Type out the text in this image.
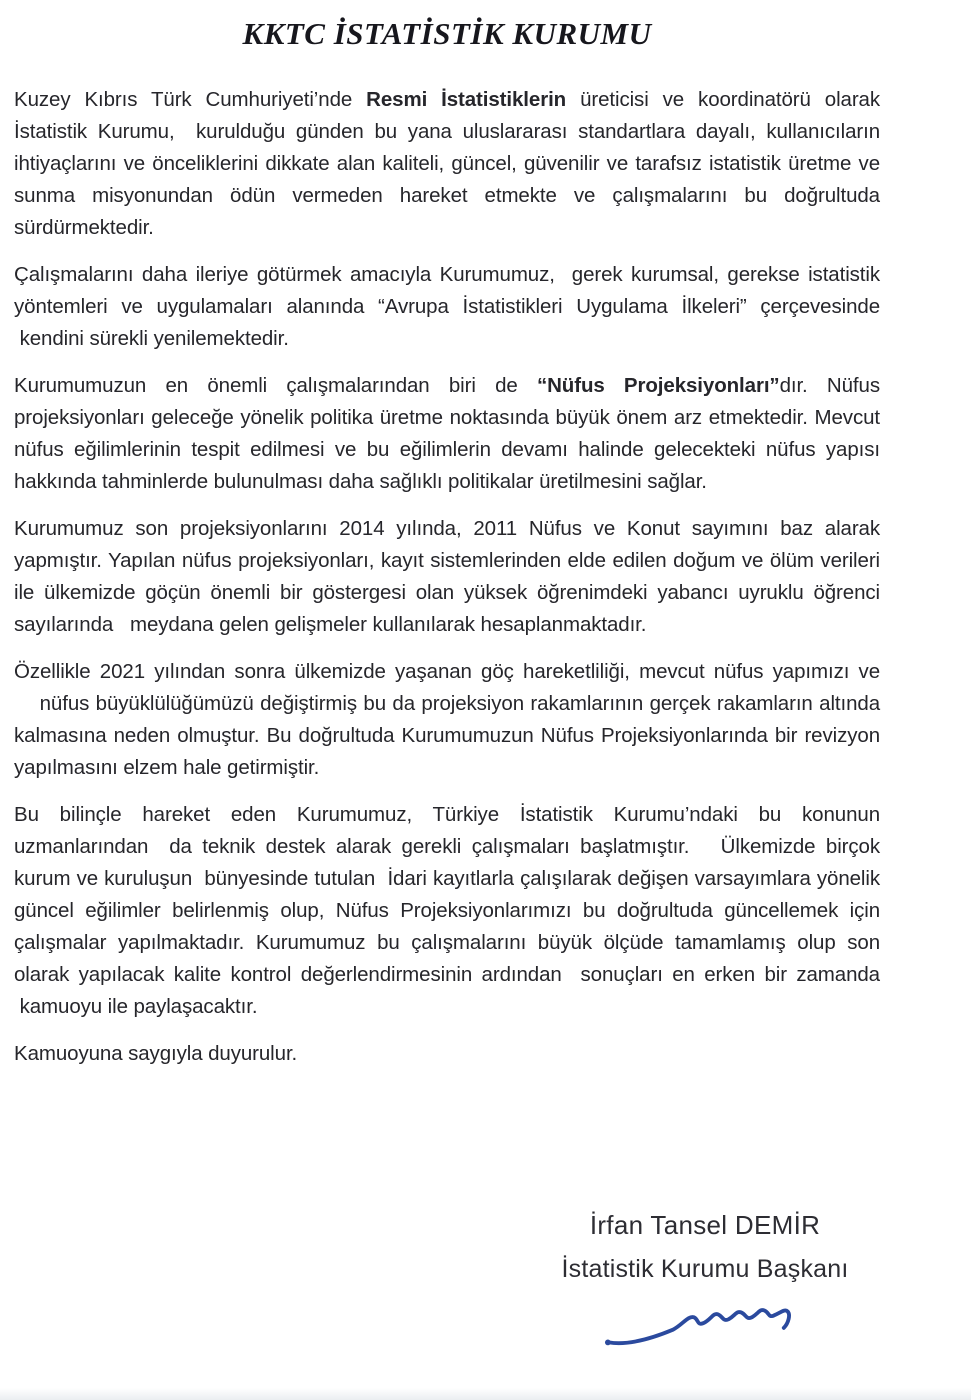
KKTC İSTATİSTİK KURUMU

Kuzey Kıbrıs Türk Cumhuriyeti’nde Resmi İstatistiklerin üreticisi ve koordinatörü olarak İstatistik Kurumu,  kurulduğu günden bu yana uluslararası standartlara dayalı, kullanıcıların ihtiyaçlarını ve önceliklerini dikkate alan kaliteli, güncel, güvenilir ve tarafsız istatistik üretme ve sunma misyonundan ödün vermeden hareket etmekte ve çalışmalarını bu doğrultuda sürdürmektedir.

Çalışmalarını daha ileriye götürmek amacıyla Kurumumuz,  gerek kurumsal, gerekse istatistik yöntemleri ve uygulamaları alanında “Avrupa İstatistikleri Uygulama İlkeleri” çerçevesinde  kendini sürekli yenilemektedir.

Kurumumuzun en önemli çalışmalarından biri de “Nüfus Projeksiyonları”dır. Nüfus projeksiyonları geleceğe yönelik politika üretme noktasında büyük önem arz etmektedir. Mevcut nüfus eğilimlerinin tespit edilmesi ve bu eğilimlerin devamı halinde gelecekteki nüfus yapısı hakkında tahminlerde bulunulması daha sağlıklı politikalar üretilmesini sağlar.

Kurumumuz son projeksiyonlarını 2014 yılında, 2011 Nüfus ve Konut sayımını baz alarak yapmıştır. Yapılan nüfus projeksiyonları, kayıt sistemlerinden elde edilen doğum ve ölüm verileri ile ülkemizde göçün önemli bir göstergesi olan yüksek öğrenimdeki yabancı uyruklu öğrenci sayılarında   meydana gelen gelişmeler kullanılarak hesaplanmaktadır.

Özellikle 2021 yılından sonra ülkemizde yaşanan göç hareketliliği, mevcut nüfus yapımızı ve     nüfus büyüklülüğümüzü değiştirmiş bu da projeksiyon rakamlarının gerçek rakamların altında kalmasına neden olmuştur. Bu doğrultuda Kurumumuzun Nüfus Projeksiyonlarında bir revizyon yapılmasını elzem hale getirmiştir.

Bu bilinçle hareket eden Kurumumuz, Türkiye İstatistik Kurumu’ndaki bu konunun uzmanlarından  da teknik destek alarak gerekli çalışmaları başlatmıştır.   Ülkemizde birçok kurum ve kuruluşun  bünyesinde tutulan  İdari kayıtlarla çalışılarak değişen varsayımlara yönelik güncel eğilimler belirlenmiş olup, Nüfus Projeksiyonlarımızı bu doğrultuda güncellemek için çalışmalar yapılmaktadır. Kurumumuz bu çalışmalarını büyük ölçüde tamamlamış olup son olarak yapılacak kalite kontrol değerlendirmesinin ardından  sonuçları en erken bir zamanda  kamuoyu ile paylaşacaktır.

Kamuoyuna saygıyla duyurulur.

İrfan Tansel DEMİR
İstatistik Kurumu Başkanı
